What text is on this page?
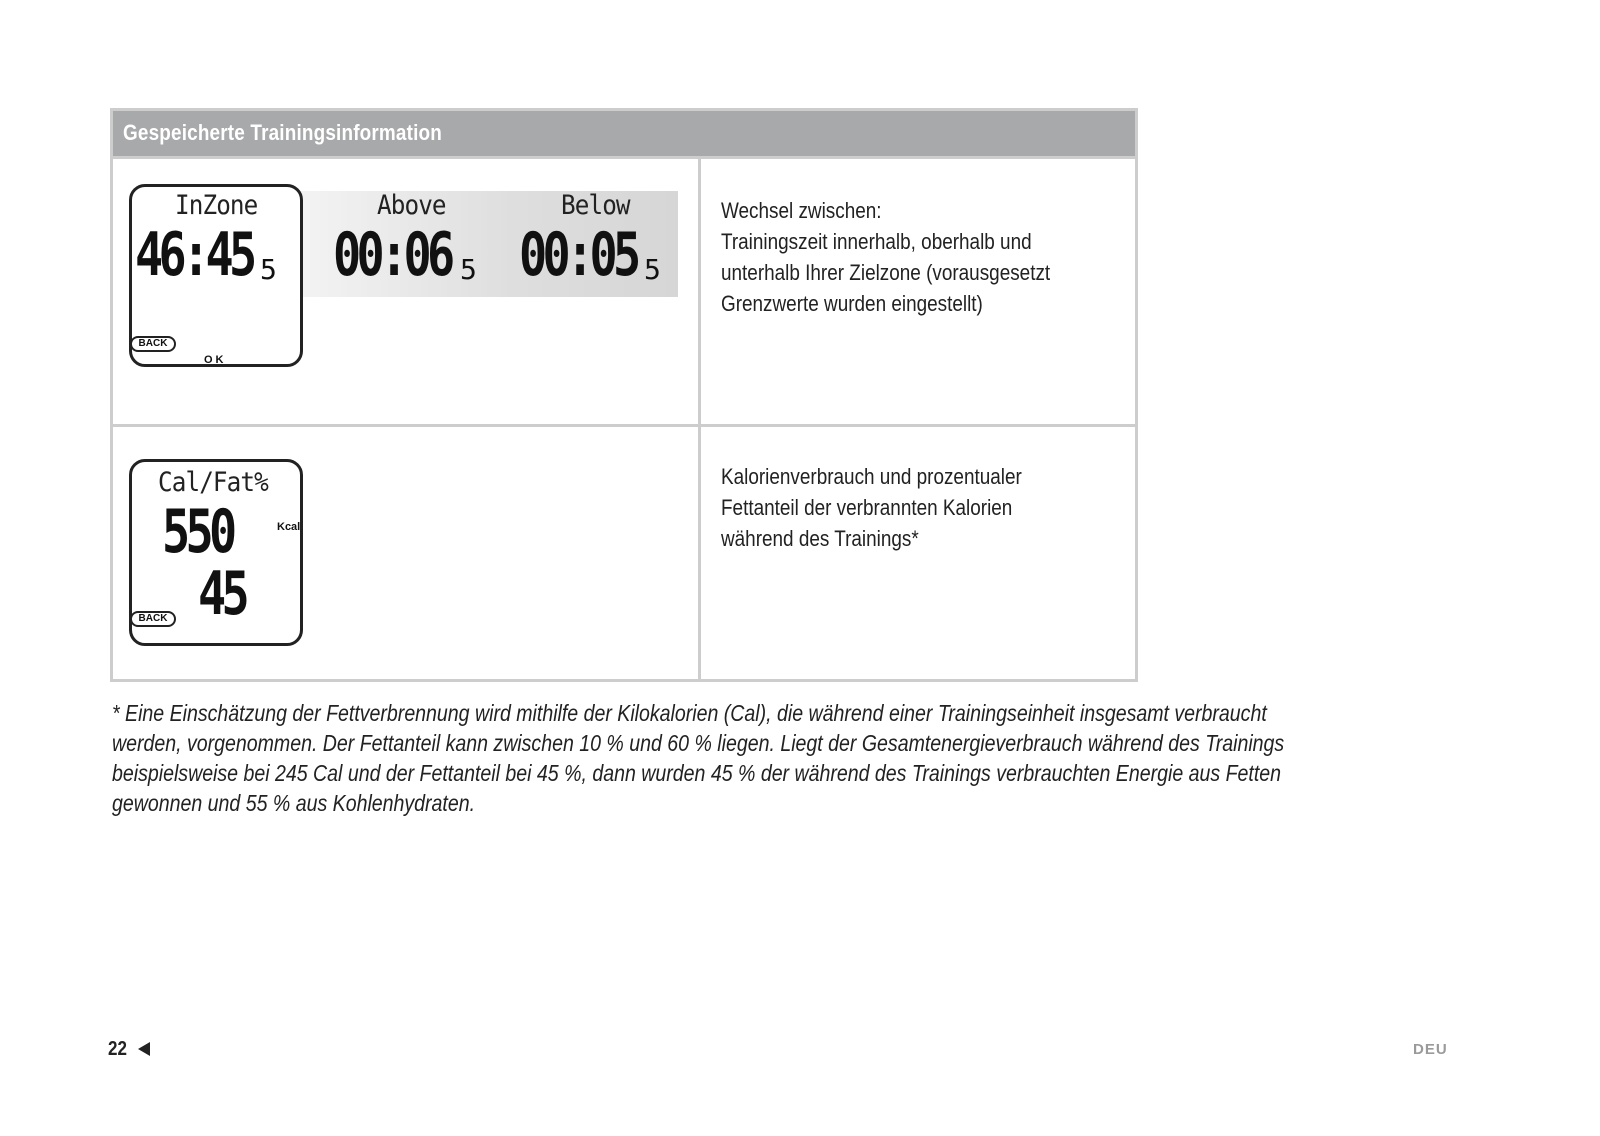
Gespeicherte Trainingsinformation
BACK
OK
InZone
46:45 5
Above
00:06 5
Below
00:05 5
Wechsel zwischen:
Trainingszeit innerhalb, oberhalb und
unterhalb Ihrer Zielzone (vorausgesetzt
Grenzwerte wurden eingestellt)
Cal/Fat%
550	Kcal
45
BACK
Kalorienverbrauch und prozentualer
Fettanteil der verbrannten Kalorien
während des Trainings*
* Eine Einschätzung der Fettverbrennung wird mithilfe der Kilokalorien (Cal), die während einer Trainingseinheit insgesamt verbraucht
werden, vorgenommen. Der Fettanteil kann zwischen 10 % und 60 % liegen. Liegt der Gesamtenergieverbrauch während des Trainings
beispielsweise bei 245 Cal und der Fettanteil bei 45 %, dann wurden 45 % der während des Trainings verbrauchten Energie aus Fetten
gewonnen und 55 % aus Kohlenhydraten.
22	DEU
